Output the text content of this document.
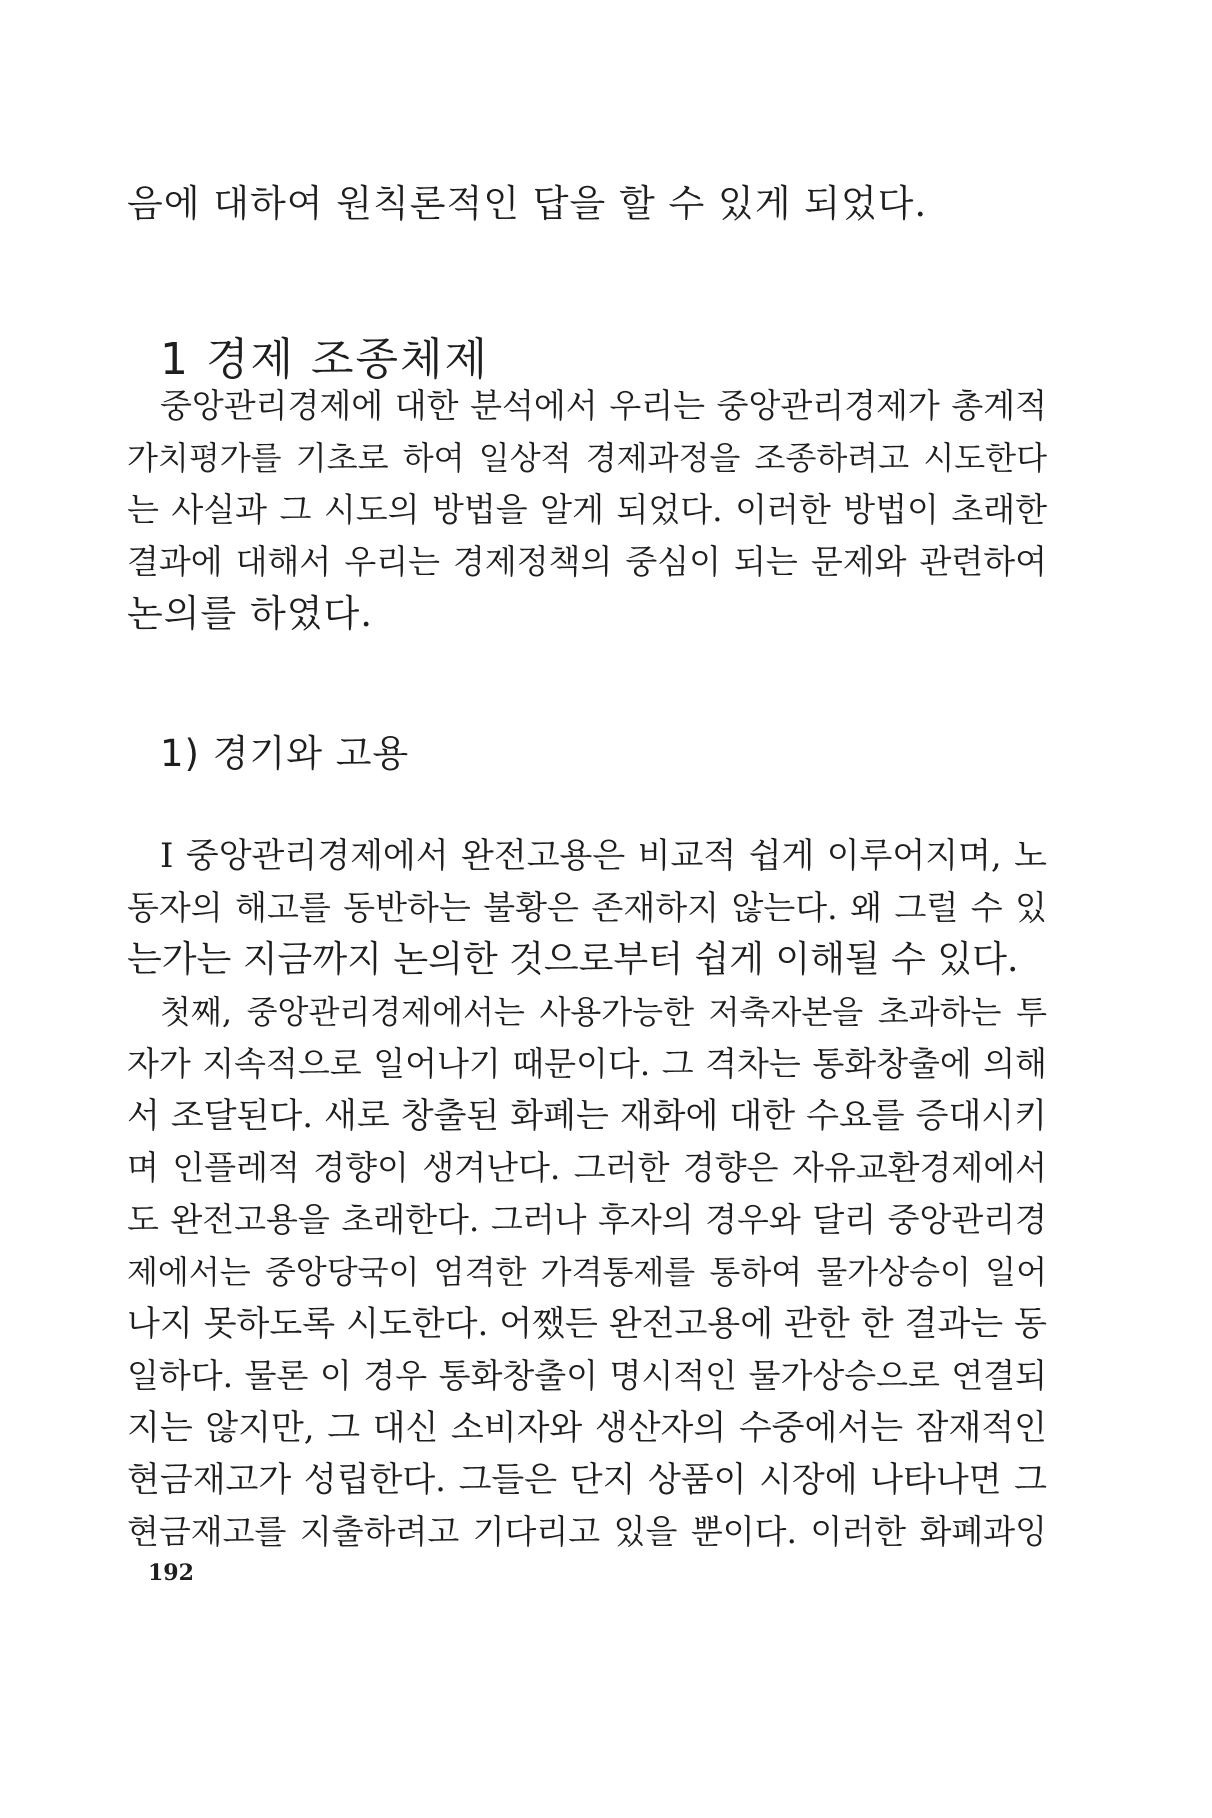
음에 대하여 원칙론적인 답을 할 수 있게 되었다.
1 경제 조종체제
중앙관리경제에 대한 분석에서 우리는 중앙관리경제가 총계적
가치평가를 기초로 하여 일상적 경제과정을 조종하려고 시도한다
는 사실과 그 시도의 방법을 알게 되었다. 이러한 방법이 초래한
결과에 대해서 우리는 경제정책의 중심이 되는 문제와 관련하여
논의를 하였다.
1) 경기와 고용
I 중앙관리경제에서 완전고용은 비교적 쉽게 이루어지며, 노
동자의 해고를 동반하는 불황은 존재하지 않는다. 왜 그럴 수 있
는가는 지금까지 논의한 것으로부터 쉽게 이해될 수 있다.
첫째, 중앙관리경제에서는 사용가능한 저축자본을 초과하는 투
자가 지속적으로 일어나기 때문이다. 그 격차는 통화창출에 의해
서 조달된다. 새로 창출된 화폐는 재화에 대한 수요를 증대시키
며 인플레적 경향이 생겨난다. 그러한 경향은 자유교환경제에서
도 완전고용을 초래한다. 그러나 후자의 경우와 달리 중앙관리경
제에서는 중앙당국이 엄격한 가격통제를 통하여 물가상승이 일어
나지 못하도록 시도한다. 어쨌든 완전고용에 관한 한 결과는 동
일하다. 물론 이 경우 통화창출이 명시적인 물가상승으로 연결되
지는 않지만, 그 대신 소비자와 생산자의 수중에서는 잠재적인
현금재고가 성립한다. 그들은 단지 상품이 시장에 나타나면 그
현금재고를 지출하려고 기다리고 있을 뿐이다. 이러한 화폐과잉
192
